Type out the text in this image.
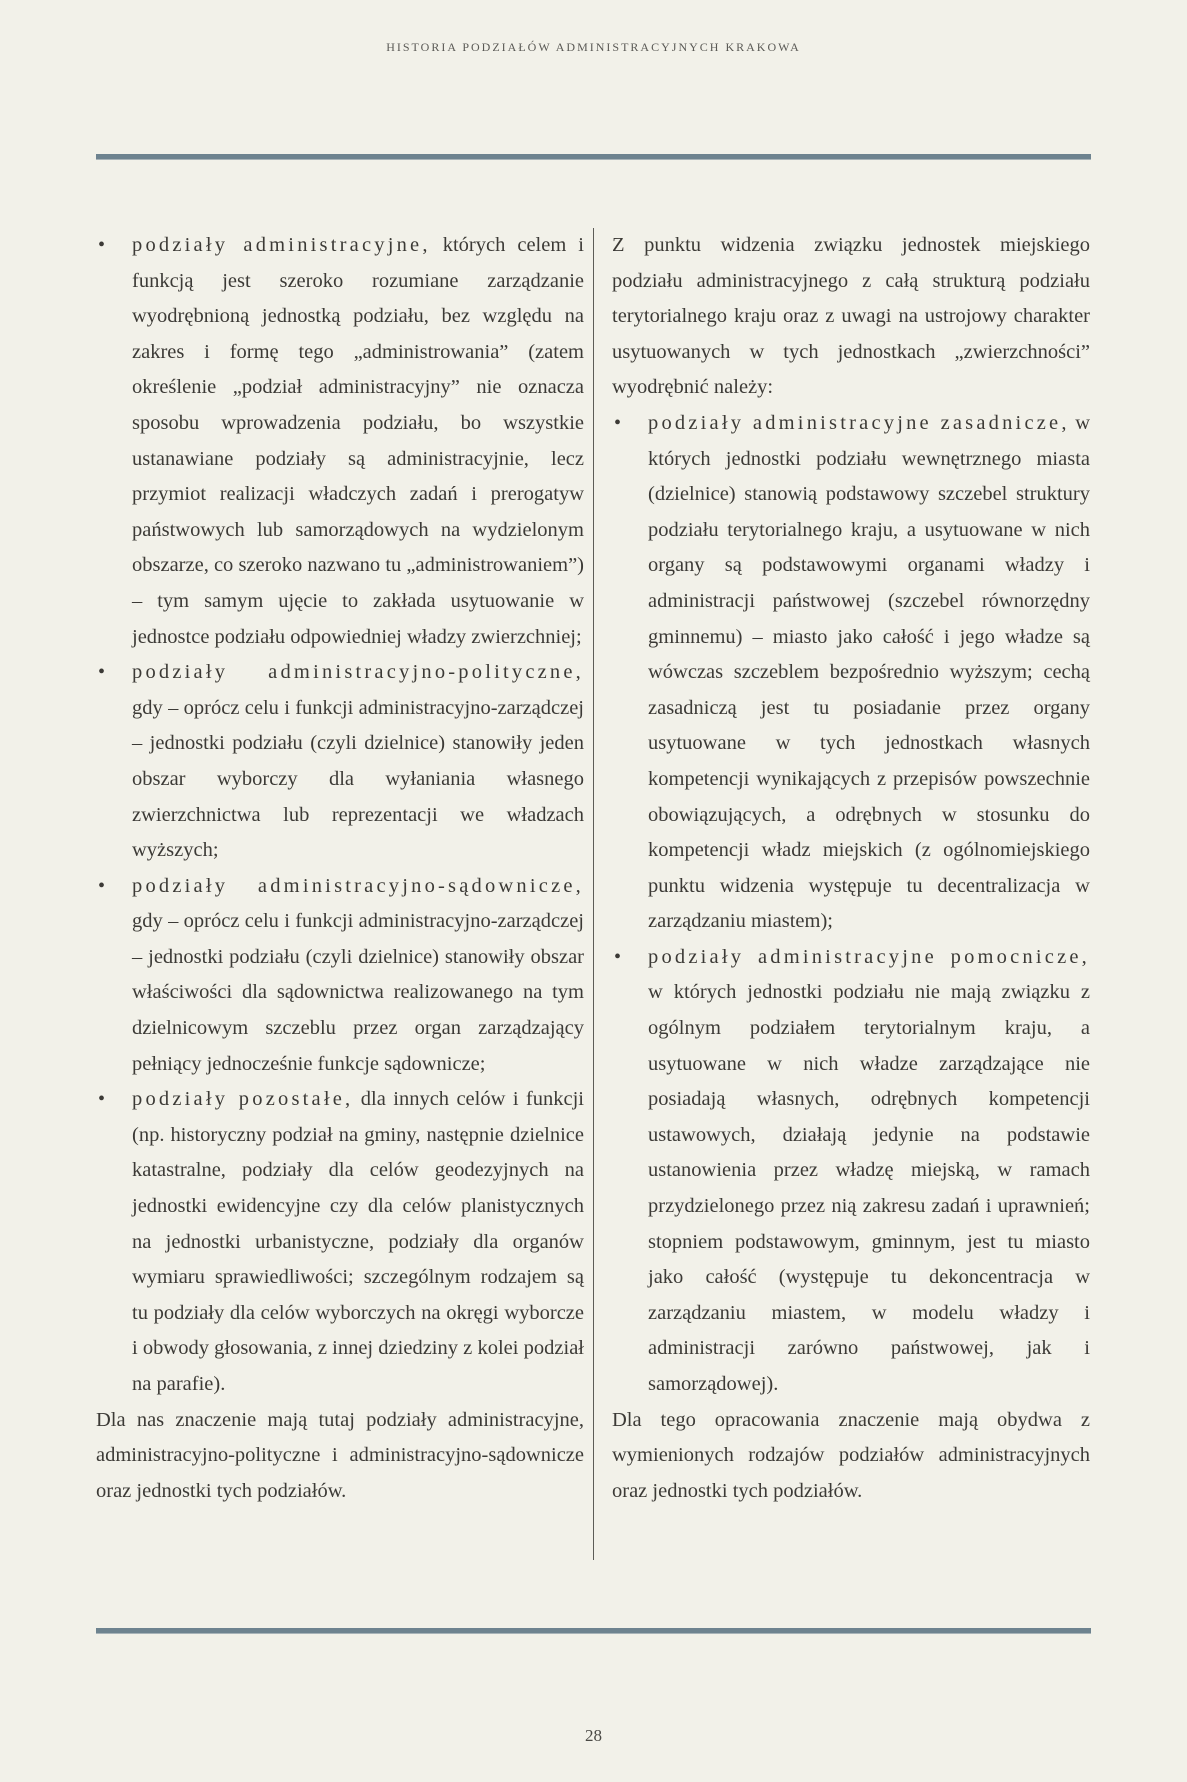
HISTORIA PODZIAŁÓW ADMINISTRACYJNYCH KRAKOWA
• podziały administracyjne, których celem i funkcją jest szeroko rozumiane zarządzanie wyodrębnioną jednostką podziału, bez względu na zakres i formę tego „administrowania” (zatem określenie „podział administracyjny” nie oznacza sposobu wprowadzenia podziału, bo wszystkie ustanawiane podziały są administracyjnie, lecz przymiot realizacji władczych zadań i prerogatyw państwowych lub samorządowych na wydzielonym obszarze, co szeroko nazwano tu „administrowaniem”) – tym samym ujęcie to zakłada usytuowanie w jednostce podziału odpowiedniej władzy zwierzchniej;
• podziały administracyjno-polityczne, gdy – oprócz celu i funkcji administracyjno-zarządczej – jednostki podziału (czyli dzielnice) stanowiły jeden obszar wyborczy dla wyłaniania własnego zwierzchnictwa lub reprezentacji we władzach wyższych;
• podziały administracyjno-sądownicze, gdy – oprócz celu i funkcji administracyjno-zarządczej – jednostki podziału (czyli dzielnice) stanowiły obszar właściwości dla sądownictwa realizowanego na tym dzielnicowym szczeblu przez organ zarządzający pełniący jednocześnie funkcje sądownicze;
• podziały pozostałe, dla innych celów i funkcji (np. historyczny podział na gminy, następnie dzielnice katastralne, podziały dla celów geodezyjnych na jednostki ewidencyjne czy dla celów planistycznych na jednostki urbanistyczne, podziały dla organów wymiaru sprawiedliwości; szczególnym rodzajem są tu podziały dla celów wyborczych na okręgi wyborcze i obwody głosowania, z innej dziedziny z kolei podział na parafie).

Dla nas znaczenie mają tutaj podziały administracyjne, administracyjno-polityczne i administracyjno-sądownicze oraz jednostki tych podziałów.

Z punktu widzenia związku jednostek miejskiego podziału administracyjnego z całą strukturą podziału terytorialnego kraju oraz z uwagi na ustrojowy charakter usytuowanych w tych jednostkach „zwierzchności” wyodrębnić należy:

• podziały administracyjne zasadnicze, w których jednostki podziału wewnętrznego miasta (dzielnice) stanowią podstawowy szczebel struktury podziału terytorialnego kraju, a usytuowane w nich organy są podstawowymi organami władzy i administracji państwowej (szczebel równorzędny gminnemu) – miasto jako całość i jego władze są wówczas szczeblem bezpośrednio wyższym; cechą zasadniczą jest tu posiadanie przez organy usytuowane w tych jednostkach własnych kompetencji wynikających z przepisów powszechnie obowiązujących, a odrębnych w stosunku do kompetencji władz miejskich (z ogólnomiejskiego punktu widzenia występuje tu decentralizacja w zarządzaniu miastem);
• podziały administracyjne pomocnicze, w których jednostki podziału nie mają związku z ogólnym podziałem terytorialnym kraju, a usytuowane w nich władze zarządzające nie posiadają własnych, odrębnych kompetencji ustawowych, działają jedynie na podstawie ustanowienia przez władzę miejską, w ramach przydzielonego przez nią zakresu zadań i uprawnień; stopniem podstawowym, gminnym, jest tu miasto jako całość (występuje tu dekoncentracja w zarządzaniu miastem, w modelu władzy i administracji zarówno państwowej, jak i samorządowej).

Dla tego opracowania znaczenie mają obydwa z wymienionych rodzajów podziałów administracyjnych oraz jednostki tych podziałów.

28
